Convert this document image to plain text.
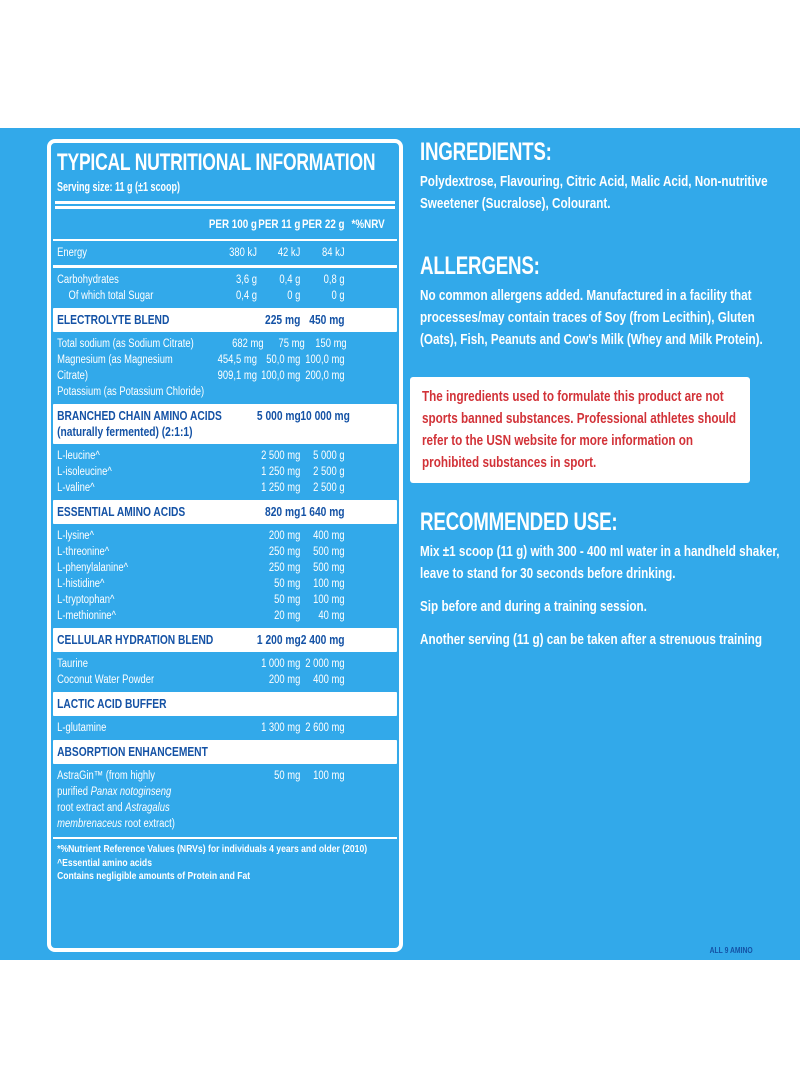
TYPICAL NUTRITIONAL INFORMATION
Serving size: 11 g (±1 scoop)
PER 100 g PER 11 g PER 22 g *%NRV
Energy	380 kJ	42 kJ	84 kJ
Carbohydrates	3,6 g	0,4 g	0,8 g
Of which total Sugar	0,4 g	0 g	0 g
ELECTROLYTE BLEND	225 mg 450 mg
Total sodium (as Sodium Citrate)	682 mg	75 mg 150 mg
Magnesium (as Magnesium	454,5 mg 50,0 mg 100,0 mg
Citrate)	909,1 mg 100,0 mg 200,0 mg
Potassium (as Potassium Chloride)
BRANCHED CHAIN AMINO ACIDS
(naturally fermented) (2:1:1)
5 000 mg 10 000 mg
L-leucine^	2 500 mg	5 000 g
L-isoleucine^	1 250 mg	2 500 g
L-valine^	1 250 mg	2 500 g
ESSENTIAL AMINO ACIDS	820 mg 1 640 mg
L-lysine^	200 mg	400 mg
L-threonine^	250 mg	500 mg
L-phenylalanine^	250 mg	500 mg
L-histidine^	50 mg	100 mg
L-tryptophan^	50 mg	100 mg
L-methionine^	20 mg	40 mg
CELLULAR HYDRATION BLEND	1 200 mg 2 400 mg
Taurine	1 000 mg 2 000 mg
Coconut Water Powder	200 mg	400 mg
LACTIC ACID BUFFER
L-glutamine	1 300 mg 2 600 mg
ABSORPTION ENHANCEMENT
AstraGin™ (from highly	50 mg	100 mg
purified Panax notoginseng
root extract and Astragalus
membrenaceus root extract)
*%Nutrient Reference Values (NRVs) for individuals 4 years and older (2010)
^Essential amino acids
Contains negligible amounts of Protein and Fat
INGREDIENTS:

Polydextrose, Flavouring, Citric Acid, Malic Acid, Non-nutritive Sweetener (Sucralose), Colourant.

ALLERGENS:

No common allergens added. Manufactured in a facility that processes/may contain traces of Soy (from Lecithin), Gluten (Oats), Fish, Peanuts and Cow's Milk (Whey and Milk Protein).

The ingredients used to formulate this product are not sports banned substances. Professional athletes should refer to the USN website for more information on prohibited substances in sport.

RECOMMENDED USE:

Mix ±1 scoop (11 g) with 300 - 400 ml water in a handheld shaker, leave to stand for 30 seconds before drinking.

Sip before and during a training session.

Another serving (11 g) can be taken after a strenuous training

ALL 9 AMINO
